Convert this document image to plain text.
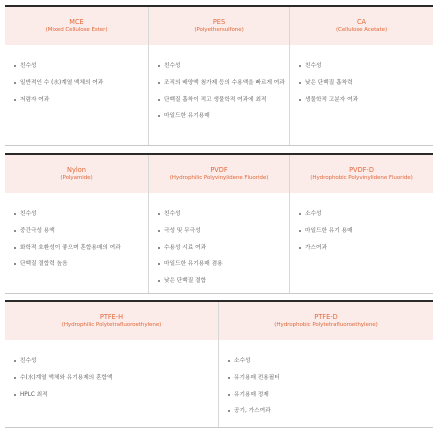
MCE
(Mixed Cellulose Ester)
PES
(Polyethersulfone)
CA
(Cellulose Acetate)
친수성
일반적인 수 (水)계열 액체의 여과
저렴자 여과
친수성
조직의 배양액 첨가제 등의 수용액을 빠르게 여과
단백질 흡착이 적고 생물학적 여과에 최적
마일드한 유기용매
친수성
낮은 단백질 흡착력
생물학적 고분자 여과
Nylon
(Polyamide)
PVDF
(Hydrophilic Polyvinylidene Fluoride)
PVDF-D
(Hydrophobic Polyvinylidene Fluoride)
친수성
중간극성 용액
화학적 호환성이 좋으며 혼합용매의 여과
단백질 결합력 높음
친수성
극성 및 무극성
수용성 시료 여과
마일드한 유기용매 겸용
낮은 단백질 결합
소수성
마일드한 유기 용매
가스여과
PTFE-H
(Hydrophilic Polytetrafluoroethylene)
PTFE-D
(Hydrophobic Polytetrafluoroethylene)
친수성
수(水)계열 액체와 유기용제의 혼합액
HPLC 최적
소수성
유기용매 전용필터
유기용매 정제
공기, 가스여과
